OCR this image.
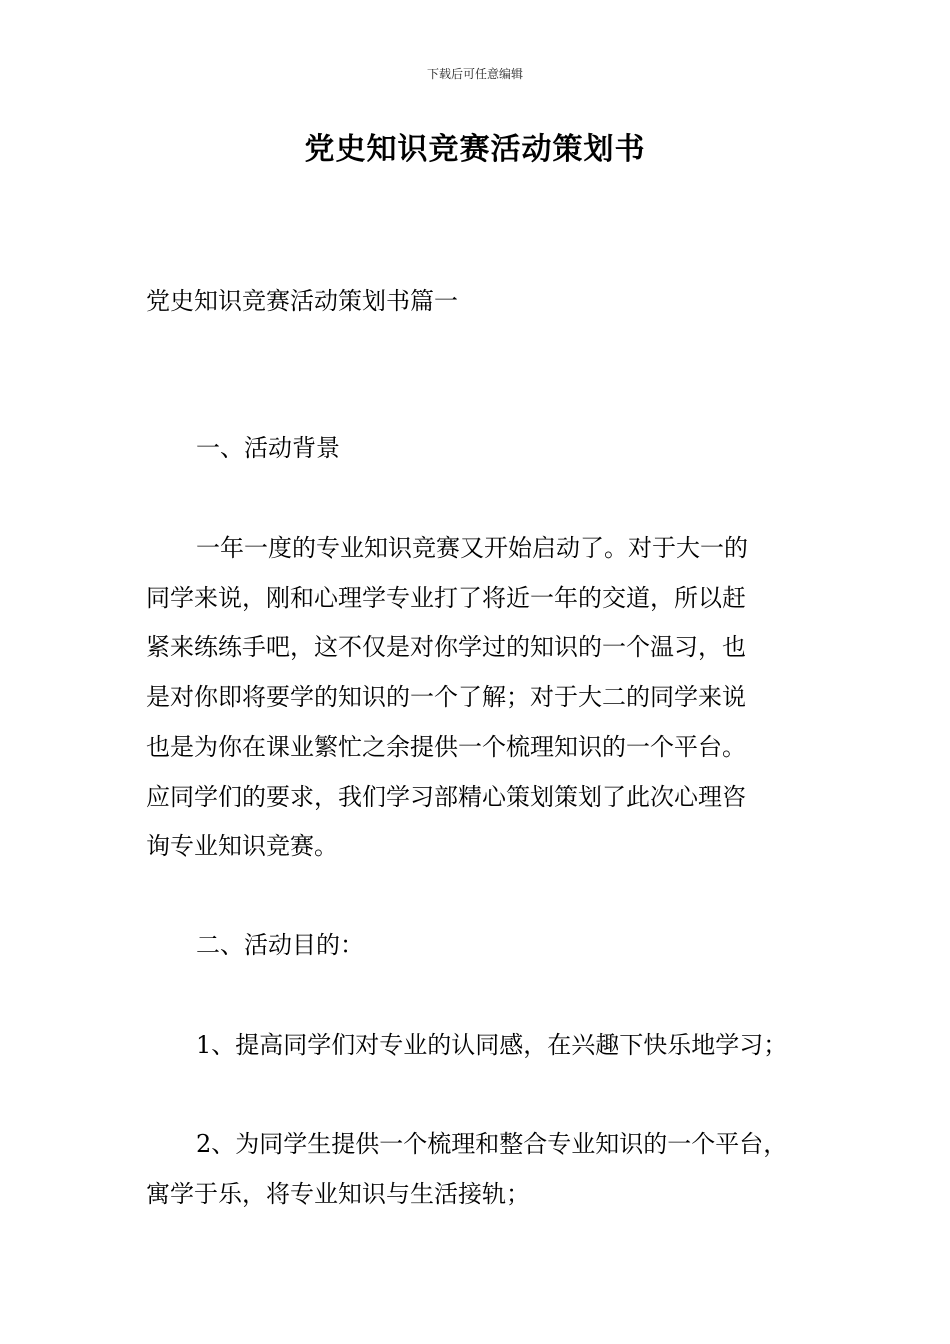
下载后可任意编辑
党史知识竞赛活动策划书
党史知识竞赛活动策划书篇一
一、活动背景
一年一度的专业知识竞赛又开始启动了。对于大一的
同学来说，刚和心理学专业打了将近一年的交道，所以赶
紧来练练手吧，这不仅是对你学过的知识的一个温习，也
是对你即将要学的知识的一个了解；对于大二的同学来说
也是为你在课业繁忙之余提供一个梳理知识的一个平台。
应同学们的要求，我们学习部精心策划策划了此次心理咨
询专业知识竞赛。
二、活动目的：
1、提高同学们对专业的认同感，在兴趣下快乐地学习；
2、为同学生提供一个梳理和整合专业知识的一个平台，
寓学于乐，将专业知识与生活接轨；
